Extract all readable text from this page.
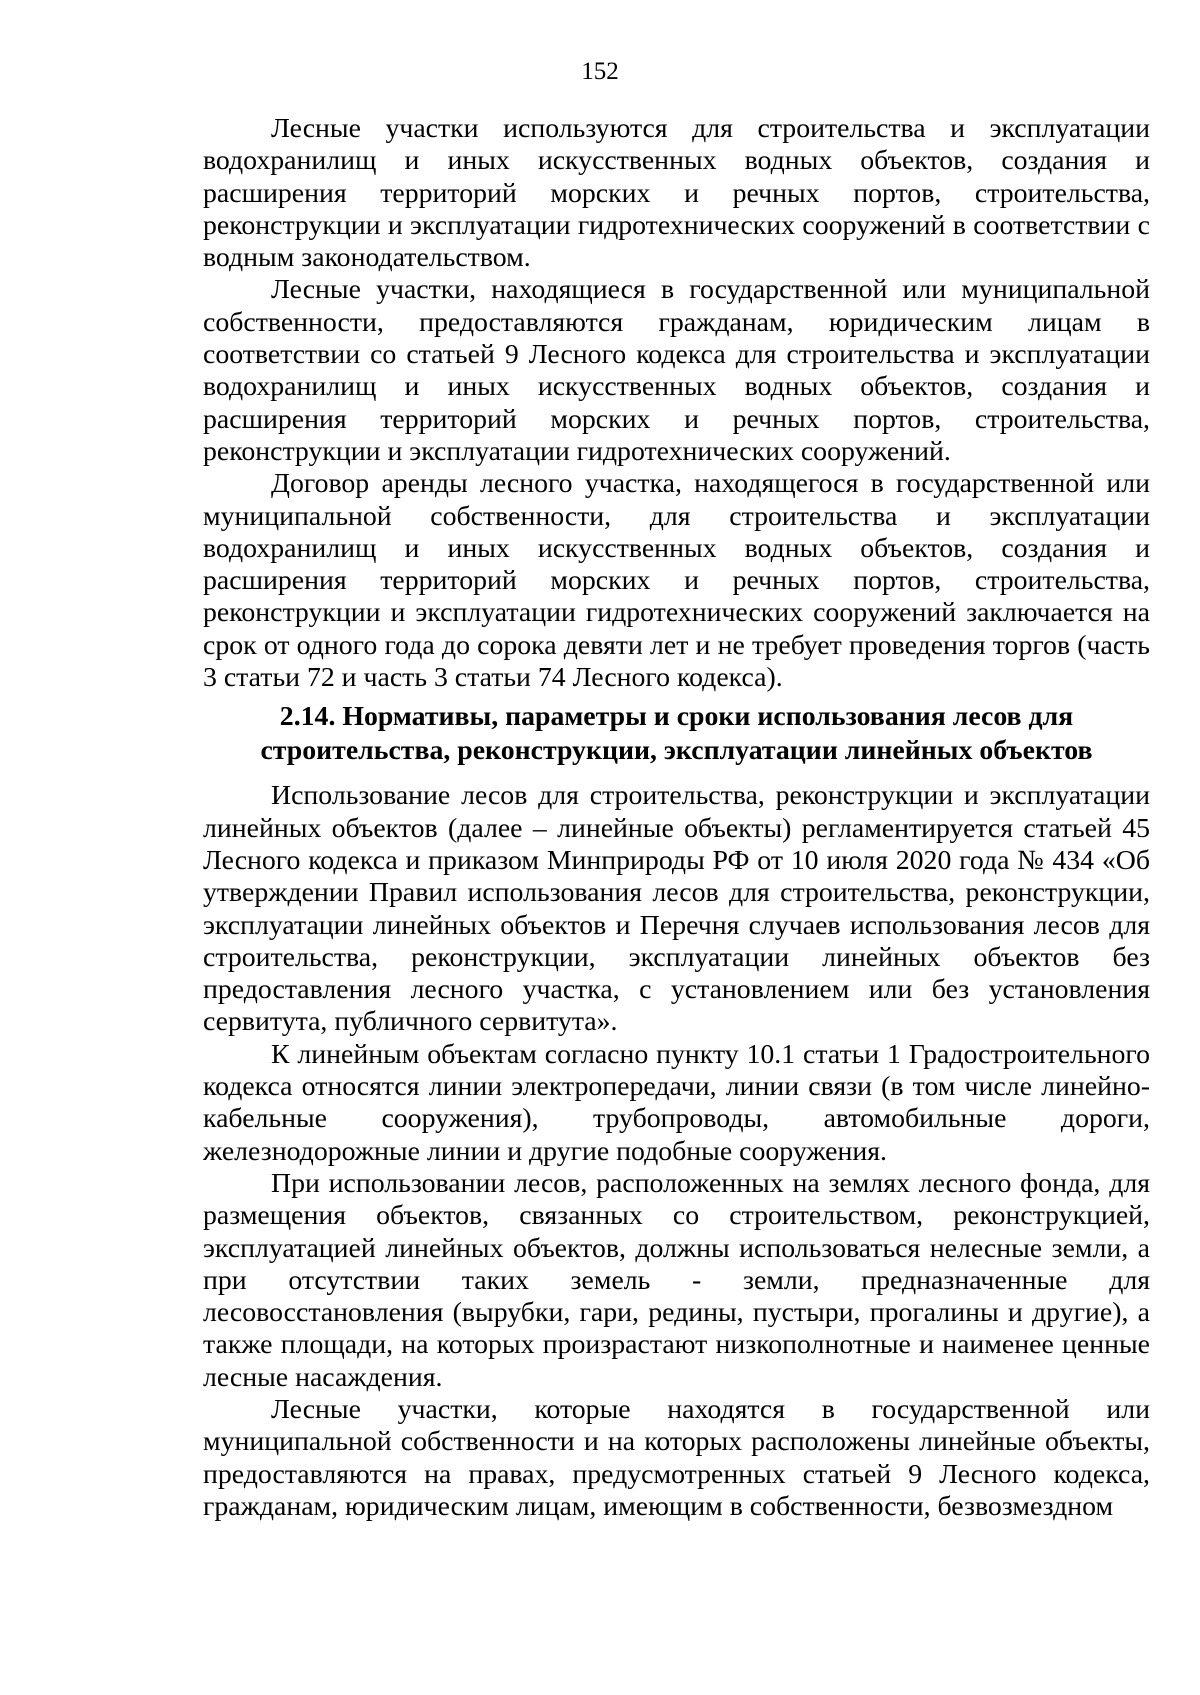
152

Лесные участки используются для строительства и эксплуатации водохранилищ и иных искусственных водных объектов, создания и расширения территорий морских и речных портов, строительства, реконструкции и эксплуатации гидротехнических сооружений в соответствии с водным законодательством.

Лесные участки, находящиеся в государственной или муниципальной собственности, предоставляются гражданам, юридическим лицам в соответствии со статьей 9 Лесного кодекса для строительства и эксплуатации водохранилищ и иных искусственных водных объектов, создания и расширения территорий морских и речных портов, строительства, реконструкции и эксплуатации гидротехнических сооружений.

Договор аренды лесного участка, находящегося в государственной или муниципальной собственности, для строительства и эксплуатации водохранилищ и иных искусственных водных объектов, создания и расширения территорий морских и речных портов, строительства, реконструкции и эксплуатации гидротехнических сооружений заключается на срок от одного года до сорока девяти лет и не требует проведения торгов (часть 3 статьи 72 и часть 3 статьи 74 Лесного кодекса).

2.14. Нормативы, параметры и сроки использования лесов для
строительства, реконструкции, эксплуатации линейных объектов

Использование лесов для строительства, реконструкции и эксплуатации линейных объектов (далее – линейные объекты) регламентируется статьей 45 Лесного кодекса и приказом Минприроды РФ от 10 июля 2020 года № 434 «Об утверждении Правил использования лесов для строительства, реконструкции, эксплуатации линейных объектов и Перечня случаев использования лесов для строительства, реконструкции, эксплуатации линейных объектов без предоставления лесного участка, с установлением или без установления сервитута, публичного сервитута».

К линейным объектам согласно пункту 10.1 статьи 1 Градостроительного кодекса относятся линии электропередачи, линии связи (в том числе линейно-кабельные сооружения), трубопроводы, автомобильные дороги, железнодорожные линии и другие подобные сооружения.

При использовании лесов, расположенных на землях лесного фонда, для размещения объектов, связанных со строительством, реконструкцией, эксплуатацией линейных объектов, должны использоваться нелесные земли, а при отсутствии таких земель - земли, предназначенные для лесовосстановления (вырубки, гари, редины, пустыри, прогалины и другие), а также площади, на которых произрастают низкополнотные и наименее ценные лесные насаждения.

Лесные участки, которые находятся в государственной или муниципальной собственности и на которых расположены линейные объекты, предоставляются на правах, предусмотренных статьей 9 Лесного кодекса, гражданам, юридическим лицам, имеющим в собственности, безвозмездном
